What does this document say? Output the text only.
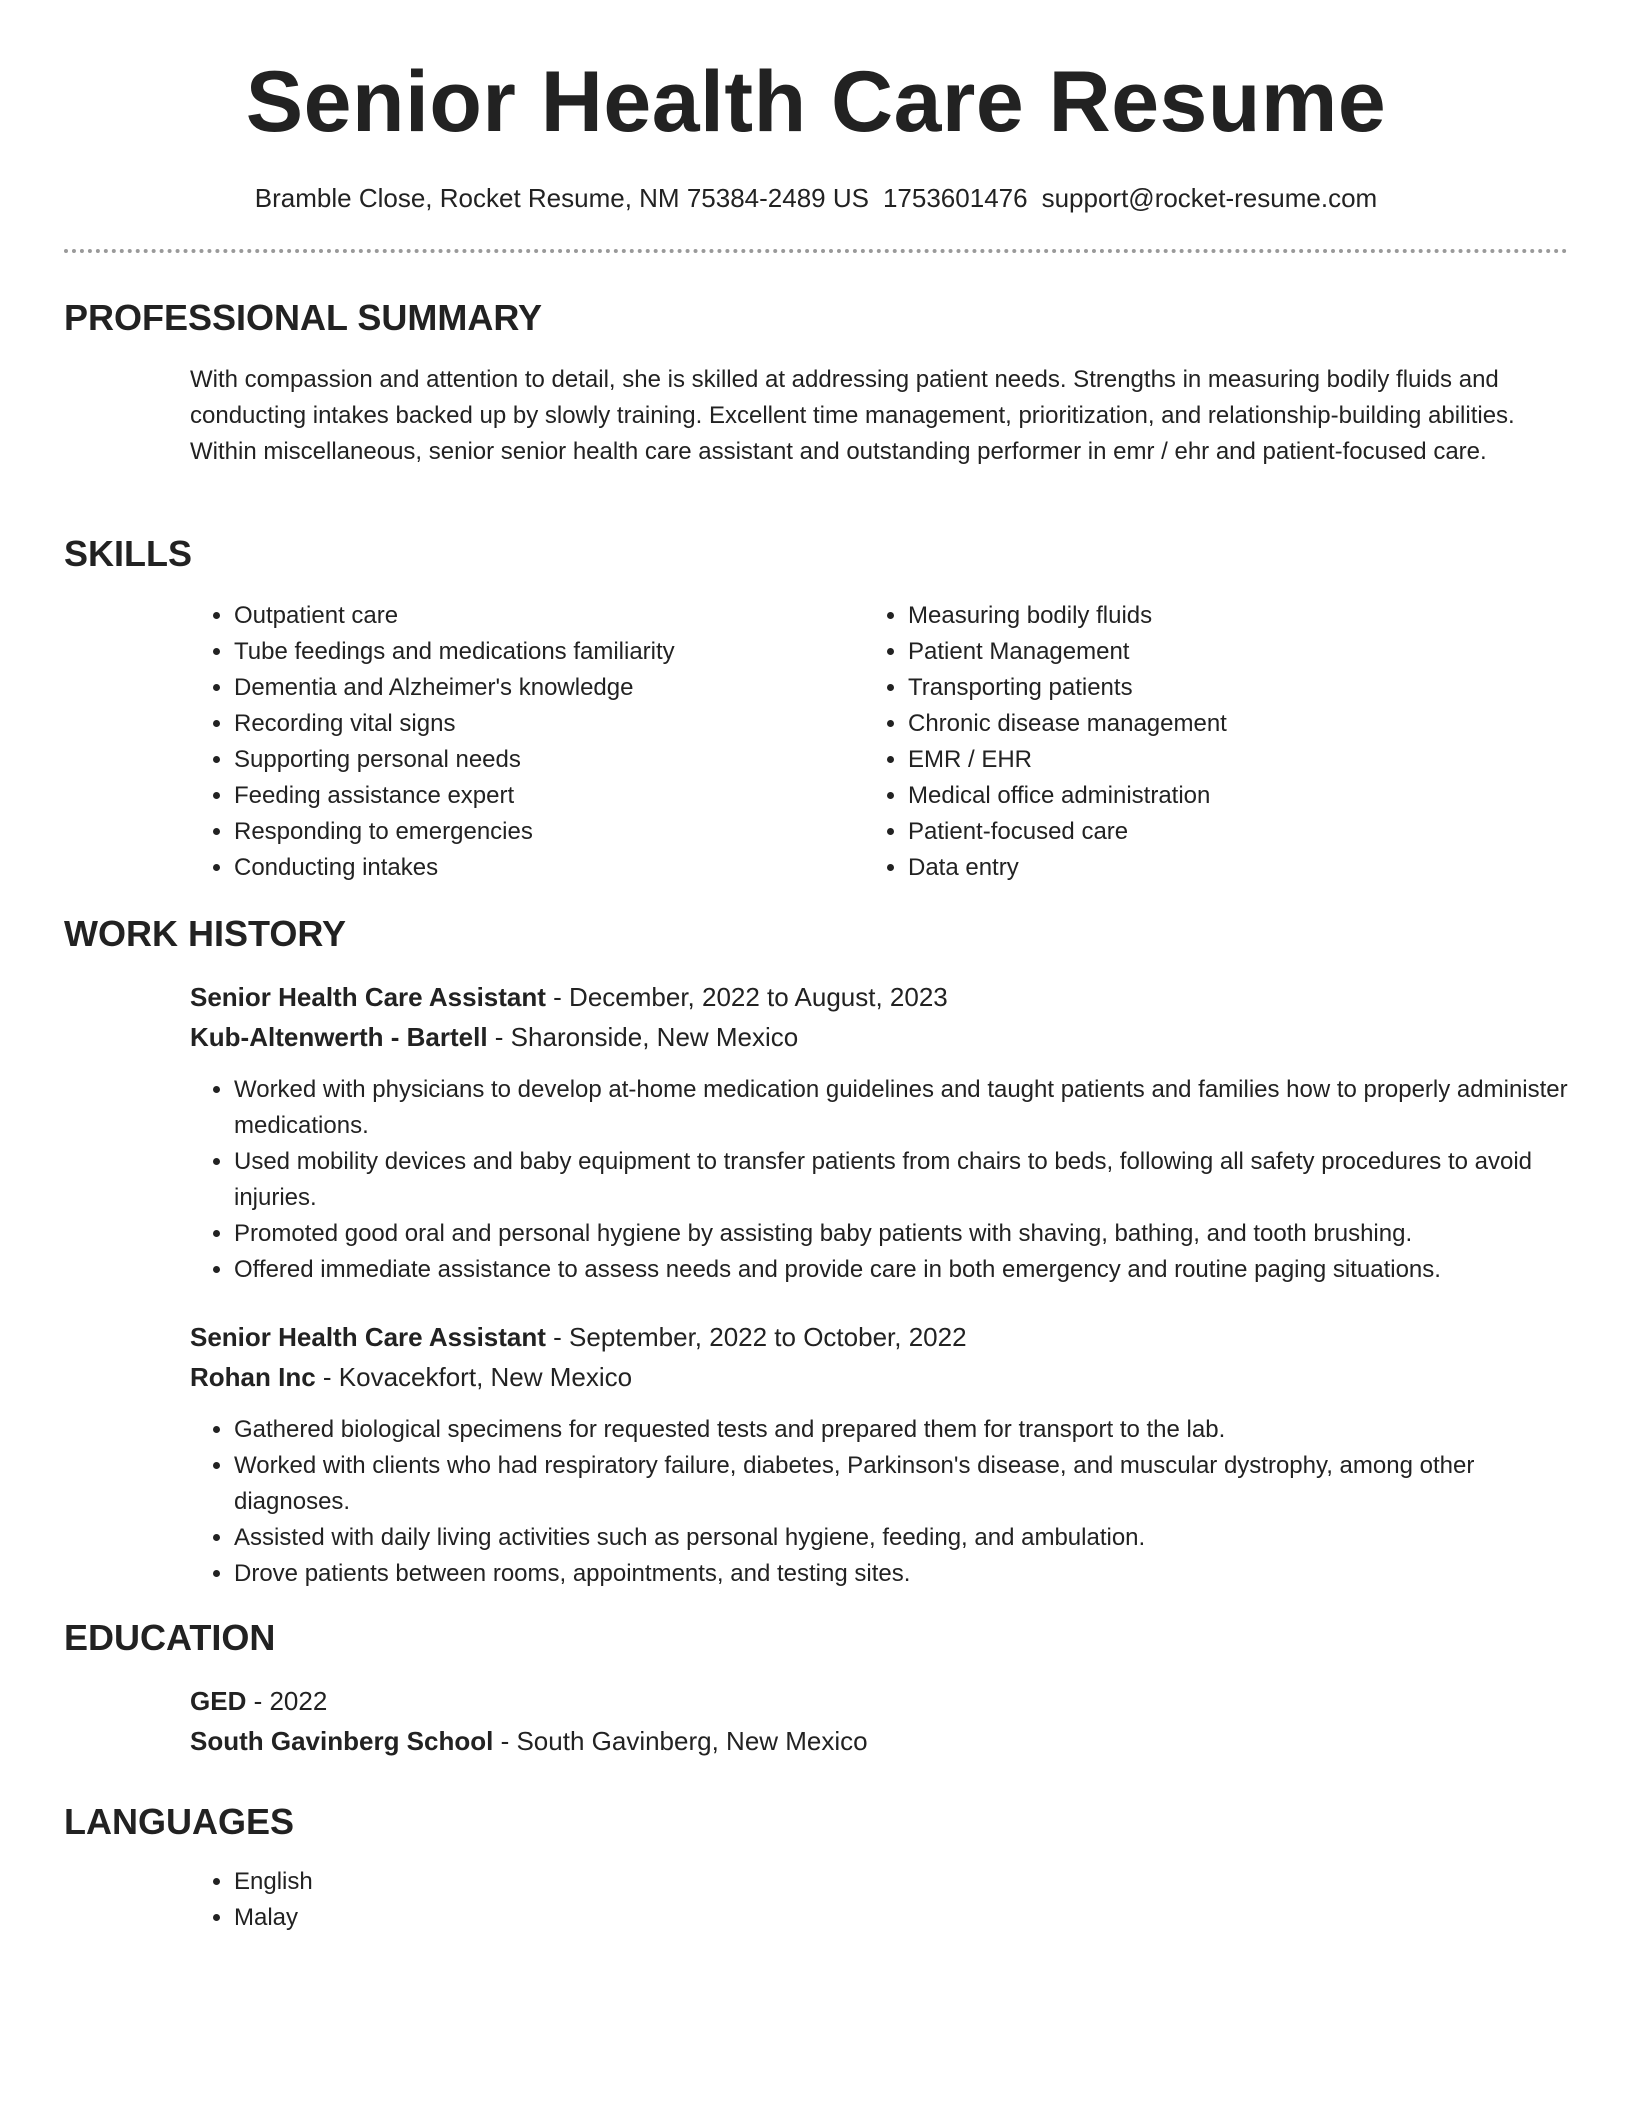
Senior Health Care Resume
Bramble Close, Rocket Resume, NM 75384-2489 US 1753601476 support@rocket-resume.com
PROFESSIONAL SUMMARY

With compassion and attention to detail, she is skilled at addressing patient needs. Strengths in measuring bodily fluids and conducting intakes backed up by slowly training. Excellent time management, prioritization, and relationship-building abilities. Within miscellaneous, senior senior health care assistant and outstanding performer in emr / ehr and patient-focused care.

SKILLS
• Outpatient care
• Tube feedings and medications familiarity
• Dementia and Alzheimer's knowledge
• Recording vital signs
• Supporting personal needs
• Feeding assistance expert
• Responding to emergencies
• Conducting intakes
• Measuring bodily fluids
• Patient Management
• Transporting patients
• Chronic disease management
• EMR / EHR
• Medical office administration
• Patient-focused care
• Data entry
WORK HISTORY
Senior Health Care Assistant - December, 2022 to August, 2023
Kub-Altenwerth - Bartell - Sharonside, New Mexico
• Worked with physicians to develop at-home medication guidelines and taught patients and families how to properly administer medications.
• Used mobility devices and baby equipment to transfer patients from chairs to beds, following all safety procedures to avoid injuries.
• Promoted good oral and personal hygiene by assisting baby patients with shaving, bathing, and tooth brushing.
• Offered immediate assistance to assess needs and provide care in both emergency and routine paging situations.
Senior Health Care Assistant - September, 2022 to October, 2022
Rohan Inc - Kovacekfort, New Mexico
• Gathered biological specimens for requested tests and prepared them for transport to the lab.
• Worked with clients who had respiratory failure, diabetes, Parkinson's disease, and muscular dystrophy, among other diagnoses.
• Assisted with daily living activities such as personal hygiene, feeding, and ambulation.
• Drove patients between rooms, appointments, and testing sites.
EDUCATION
GED - 2022
South Gavinberg School - South Gavinberg, New Mexico
LANGUAGES
• English
• Malay
